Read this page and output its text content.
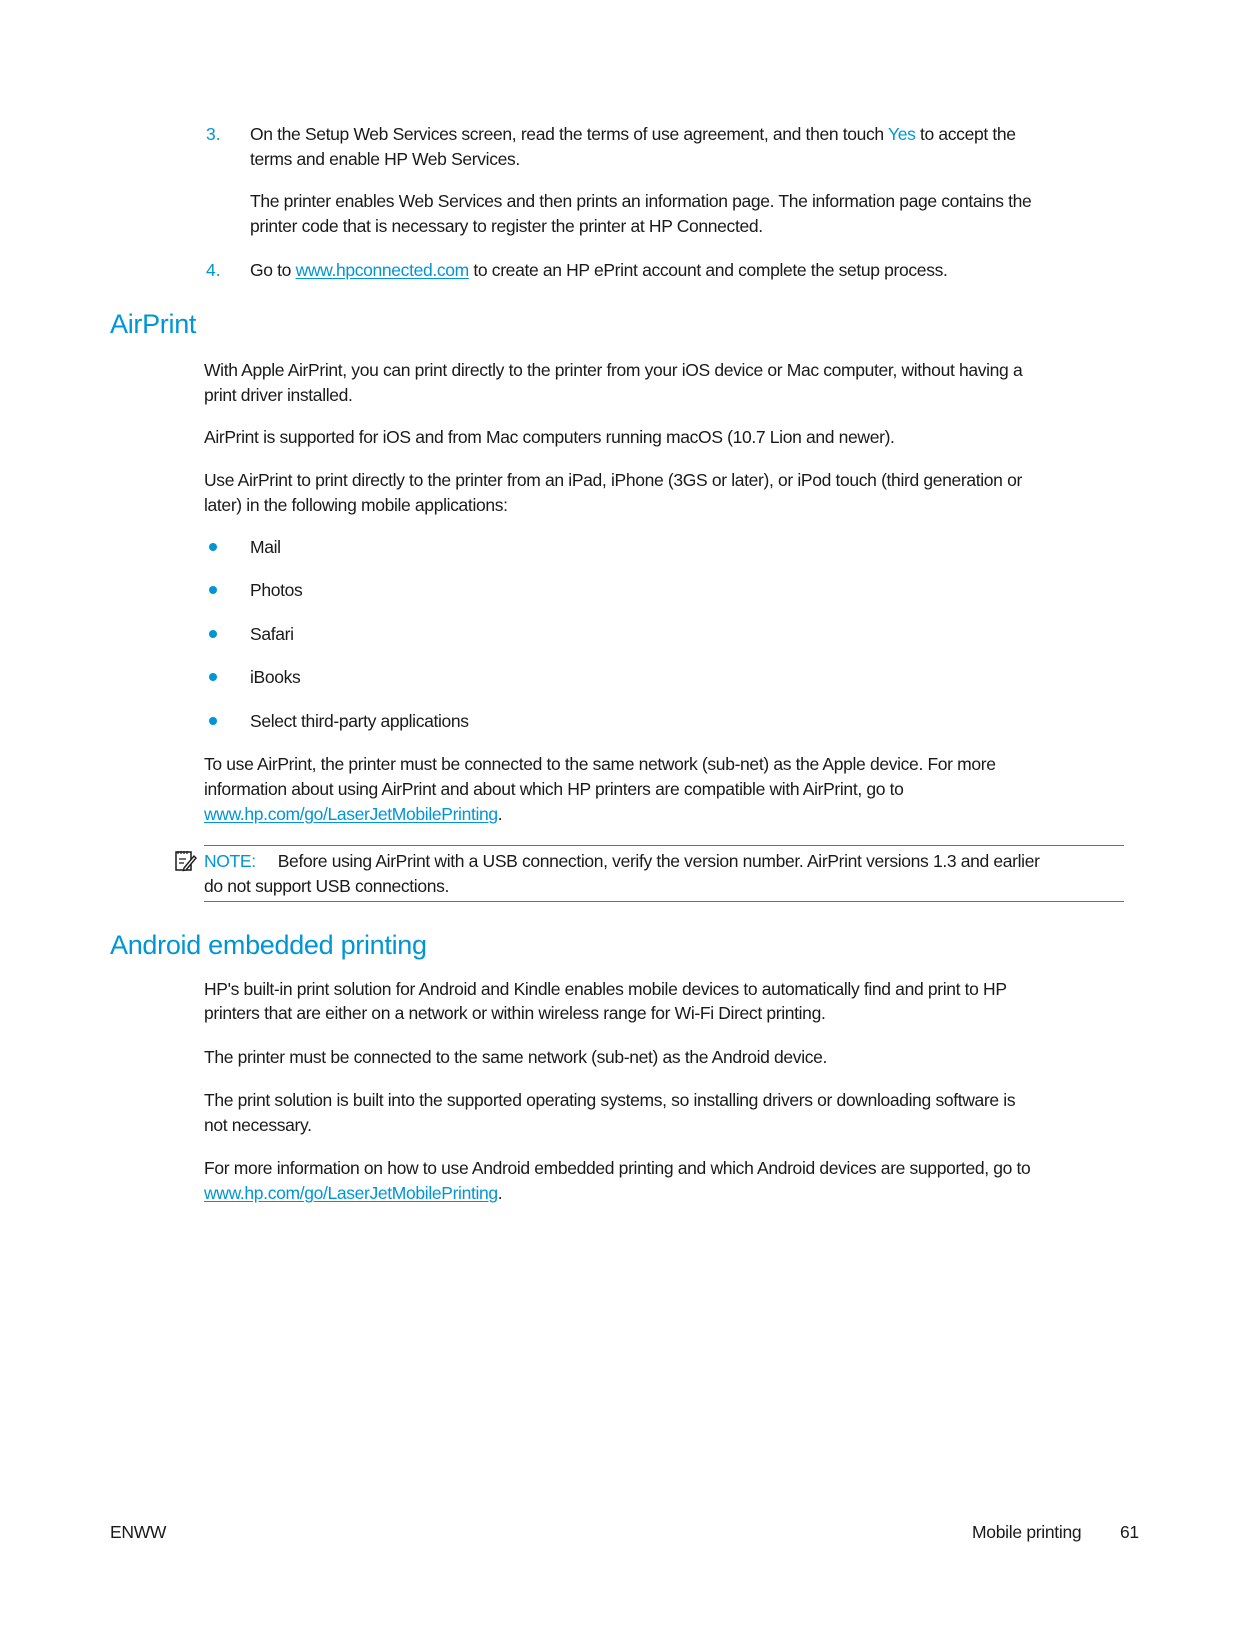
3. On the Setup Web Services screen, read the terms of use agreement, and then touch Yes to accept the
terms and enable HP Web Services.
The printer enables Web Services and then prints an information page. The information page contains the
printer code that is necessary to register the printer at HP Connected.
4. Go to www.hpconnected.com to create an HP ePrint account and complete the setup process.
AirPrint
With Apple AirPrint, you can print directly to the printer from your iOS device or Mac computer, without having a
print driver installed.
AirPrint is supported for iOS and from Mac computers running macOS (10.7 Lion and newer).
Use AirPrint to print directly to the printer from an iPad, iPhone (3GS or later), or iPod touch (third generation or
later) in the following mobile applications:
Mail
Photos
Safari
iBooks
Select third-party applications
To use AirPrint, the printer must be connected to the same network (sub-net) as the Apple device. For more
information about using AirPrint and about which HP printers are compatible with AirPrint, go to
www.hp.com/go/LaserJetMobilePrinting.
NOTE: Before using AirPrint with a USB connection, verify the version number. AirPrint versions 1.3 and earlier
do not support USB connections.
Android embedded printing
HP's built-in print solution for Android and Kindle enables mobile devices to automatically find and print to HP
printers that are either on a network or within wireless range for Wi-Fi Direct printing.
The printer must be connected to the same network (sub-net) as the Android device.
The print solution is built into the supported operating systems, so installing drivers or downloading software is
not necessary.
For more information on how to use Android embedded printing and which Android devices are supported, go to
www.hp.com/go/LaserJetMobilePrinting.
ENWW	Mobile printing 61
